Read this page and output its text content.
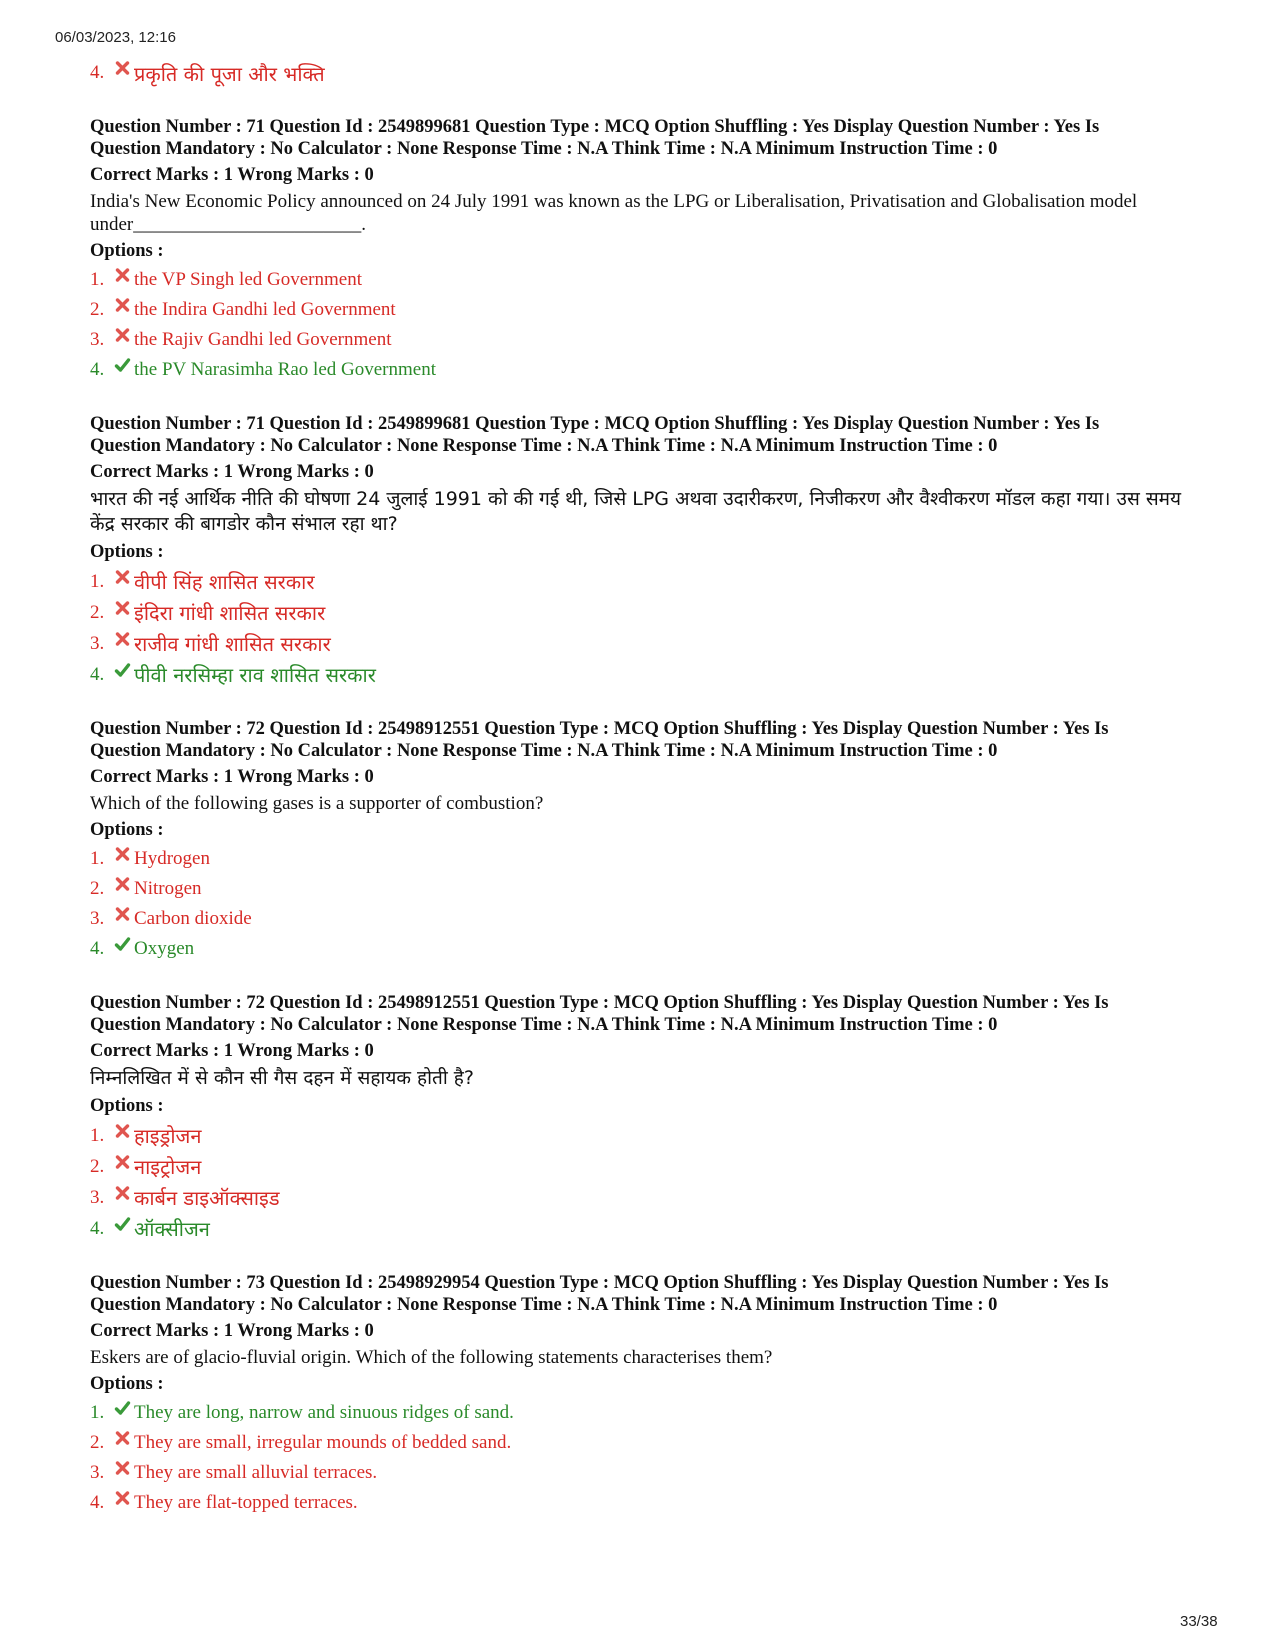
06/03/2023, 12:16
4.	प्रकृति की पूजा और भक्ति
Question Number : 71 Question Id : 2549899681 Question Type : MCQ Option Shuffling : Yes Display Question Number : Yes Is
Question Mandatory : No Calculator : None Response Time : N.A Think Time : N.A Minimum Instruction Time : 0
Correct Marks : 1 Wrong Marks : 0
India's New Economic Policy announced on 24 July 1991 was known as the LPG or Liberalisation, Privatisation and Globalisation model under________________________.
Options :
1.	the VP Singh led Government
2.	the Indira Gandhi led Government
3.	the Rajiv Gandhi led Government
4.	the PV Narasimha Rao led Government
Question Number : 71 Question Id : 2549899681 Question Type : MCQ Option Shuffling : Yes Display Question Number : Yes Is
Question Mandatory : No Calculator : None Response Time : N.A Think Time : N.A Minimum Instruction Time : 0
Correct Marks : 1 Wrong Marks : 0
भारत की नई आर्थिक नीति की घोषणा 24 जुलाई 1991 को की गई थी, जिसे LPG अथवा उदारीकरण, निजीकरण और वैश्वीकरण मॉडल कहा गया। उस समय केंद्र सरकार की बागडोर कौन संभाल रहा था?
Options :
1.	वीपी सिंह शासित सरकार
2.	इंदिरा गांधी शासित सरकार
3.	राजीव गांधी शासित सरकार
4.	पीवी नरसिम्हा राव शासित सरकार
Question Number : 72 Question Id : 25498912551 Question Type : MCQ Option Shuffling : Yes Display Question Number : Yes Is
Question Mandatory : No Calculator : None Response Time : N.A Think Time : N.A Minimum Instruction Time : 0
Correct Marks : 1 Wrong Marks : 0
Which of the following gases is a supporter of combustion?
Options :
1.	Hydrogen
2.	Nitrogen
3.	Carbon dioxide
4.	Oxygen
Question Number : 72 Question Id : 25498912551 Question Type : MCQ Option Shuffling : Yes Display Question Number : Yes Is
Question Mandatory : No Calculator : None Response Time : N.A Think Time : N.A Minimum Instruction Time : 0
Correct Marks : 1 Wrong Marks : 0
निम्नलिखित में से कौन सी गैस दहन में सहायक होती है?
Options :
1.	हाइड्रोजन
2.	नाइट्रोजन
3.	कार्बन डाइऑक्साइड
4.	ऑक्सीजन
Question Number : 73 Question Id : 25498929954 Question Type : MCQ Option Shuffling : Yes Display Question Number : Yes Is
Question Mandatory : No Calculator : None Response Time : N.A Think Time : N.A Minimum Instruction Time : 0
Correct Marks : 1 Wrong Marks : 0
Eskers are of glacio-fluvial origin. Which of the following statements characterises them?
Options :
1.	They are long, narrow and sinuous ridges of sand.
2.	They are small, irregular mounds of bedded sand.
3.	They are small alluvial terraces.
4.	They are flat-topped terraces.
33/38
